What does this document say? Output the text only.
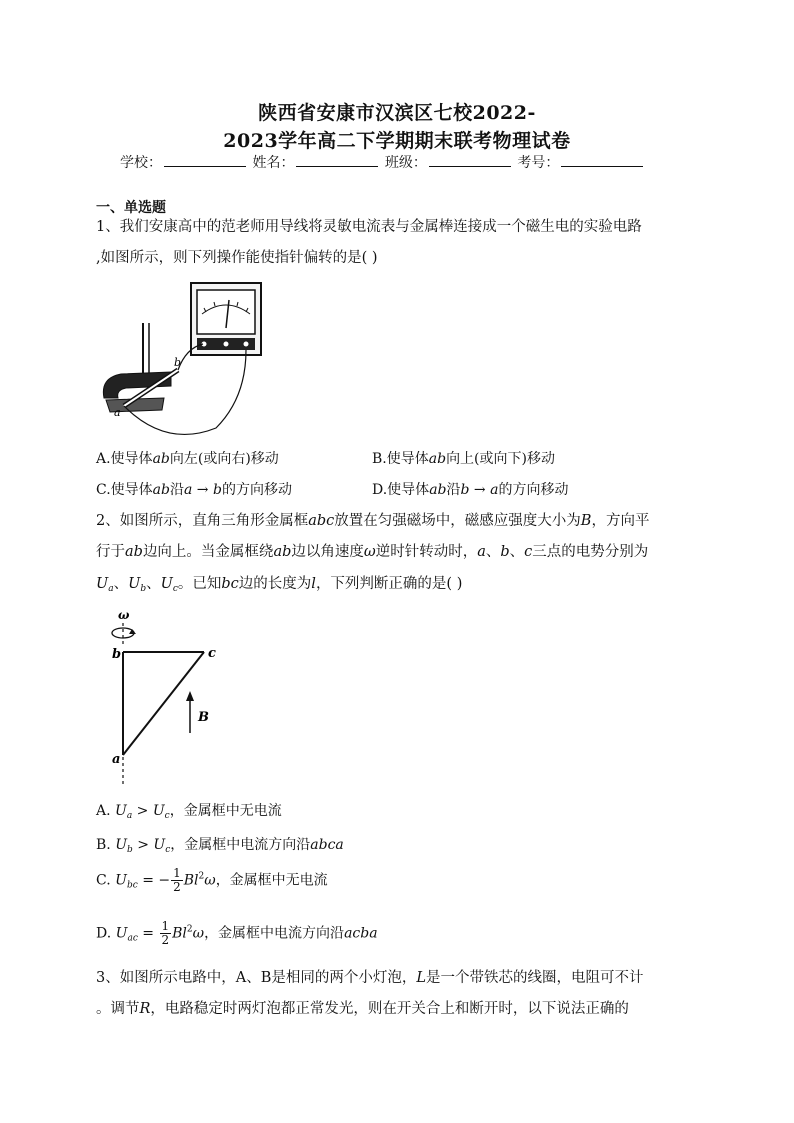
陕西省安康市汉滨区七校2022-
2023学年高二下学期期末联考物理试卷
学校：	姓名：	班级：	考号：
一、单选题
1、我们安康高中的范老师用导线将灵敏电流表与金属棒连接成一个磁生电的实验电路
,如图所示，则下列操作能使指针偏转的是( )
b
a
A.使导体ab向左(或向右)移动	B.使导体ab向上(或向下)移动
C.使导体ab沿a → b的方向移动	D.使导体ab沿b → a的方向移动
2、如图所示，直角三角形金属框abc放置在匀强磁场中，磁感应强度大小为B，方向平
行于ab边向上。当金属框绕ab边以角速度ω逆时针转动时，a、b、c三点的电势分别为
$U_a$、$U_b$、$U_c$。已知bc边的长度为l，下列判断正确的是( )
ω
b	c
a
B
A. $U_a > U_c$，金属框中无电流
B. $U_b > U_c$，金属框中电流方向沿abca
C. $U_{bc}$ = − $\frac{1}{2} Bl^2\omega$，金属框中无电流
D. $U_{ac} = \frac{1}{2} Bl^2\omega$，金属框中电流方向沿acba
3、如图所示电路中，A、B是相同的两个小灯泡，L是一个带铁芯的线圈，电阻可不计
。调节R，电路稳定时两灯泡都正常发光，则在开关合上和断开时，以下说法正确的
